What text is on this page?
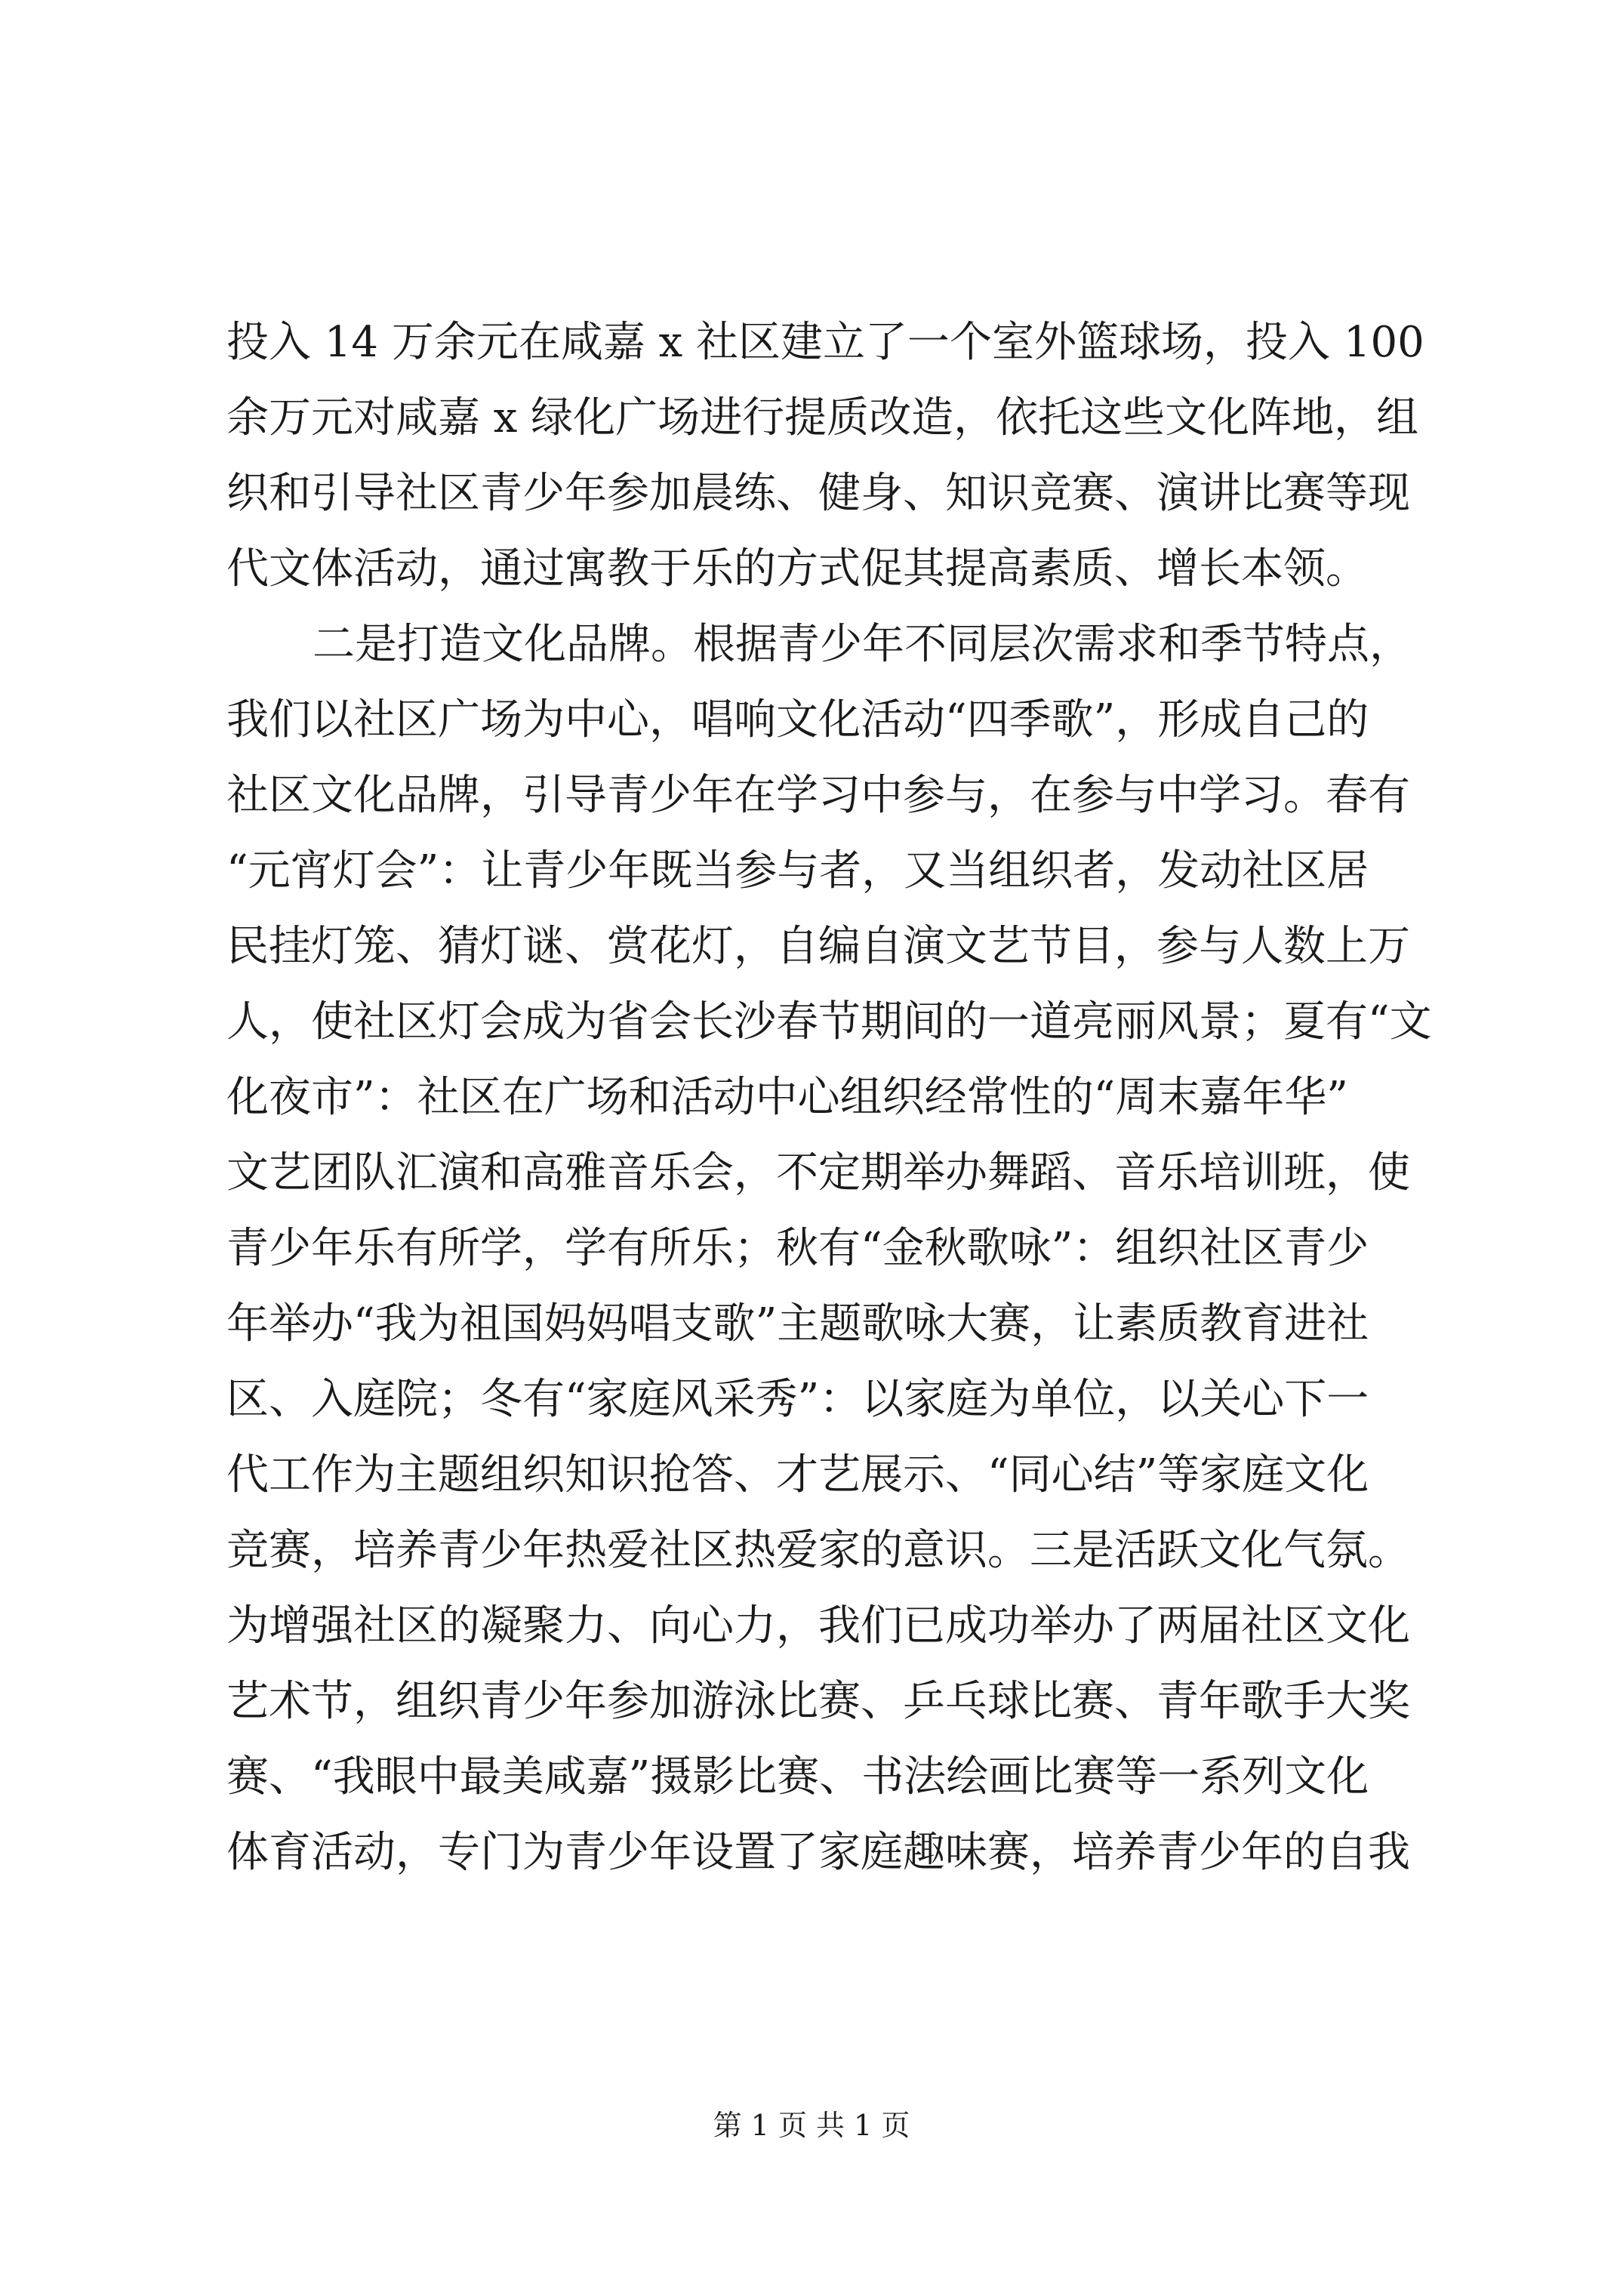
投入 14 万余元在咸嘉 x 社区建立了一个室外篮球场，投入 100
余万元对咸嘉 x 绿化广场进行提质改造，依托这些文化阵地，组
织和引导社区青少年参加晨练、健身、知识竞赛、演讲比赛等现
代文体活动，通过寓教于乐的方式促其提高素质、增长本领。
二是打造文化品牌。根据青少年不同层次需求和季节特点，
我们以社区广场为中心，唱响文化活动“四季歌”，形成自己的
社区文化品牌，引导青少年在学习中参与，在参与中学习。春有
“元宵灯会”：让青少年既当参与者，又当组织者，发动社区居
民挂灯笼、猜灯谜、赏花灯，自编自演文艺节目，参与人数上万
人，使社区灯会成为省会长沙春节期间的一道亮丽风景；夏有“文
化夜市”：社区在广场和活动中心组织经常性的“周末嘉年华”
文艺团队汇演和高雅音乐会，不定期举办舞蹈、音乐培训班，使
青少年乐有所学，学有所乐；秋有“金秋歌咏”：组织社区青少
年举办“我为祖国妈妈唱支歌”主题歌咏大赛，让素质教育进社
区、入庭院；冬有“家庭风采秀”：以家庭为单位，以关心下一
代工作为主题组织知识抢答、才艺展示、“同心结”等家庭文化
竞赛，培养青少年热爱社区热爱家的意识。三是活跃文化气氛。
为增强社区的凝聚力、向心力，我们已成功举办了两届社区文化
艺术节，组织青少年参加游泳比赛、乒乓球比赛、青年歌手大奖
赛、“我眼中最美咸嘉”摄影比赛、书法绘画比赛等一系列文化
体育活动，专门为青少年设置了家庭趣味赛，培养青少年的自我
第 1 页 共 1 页
